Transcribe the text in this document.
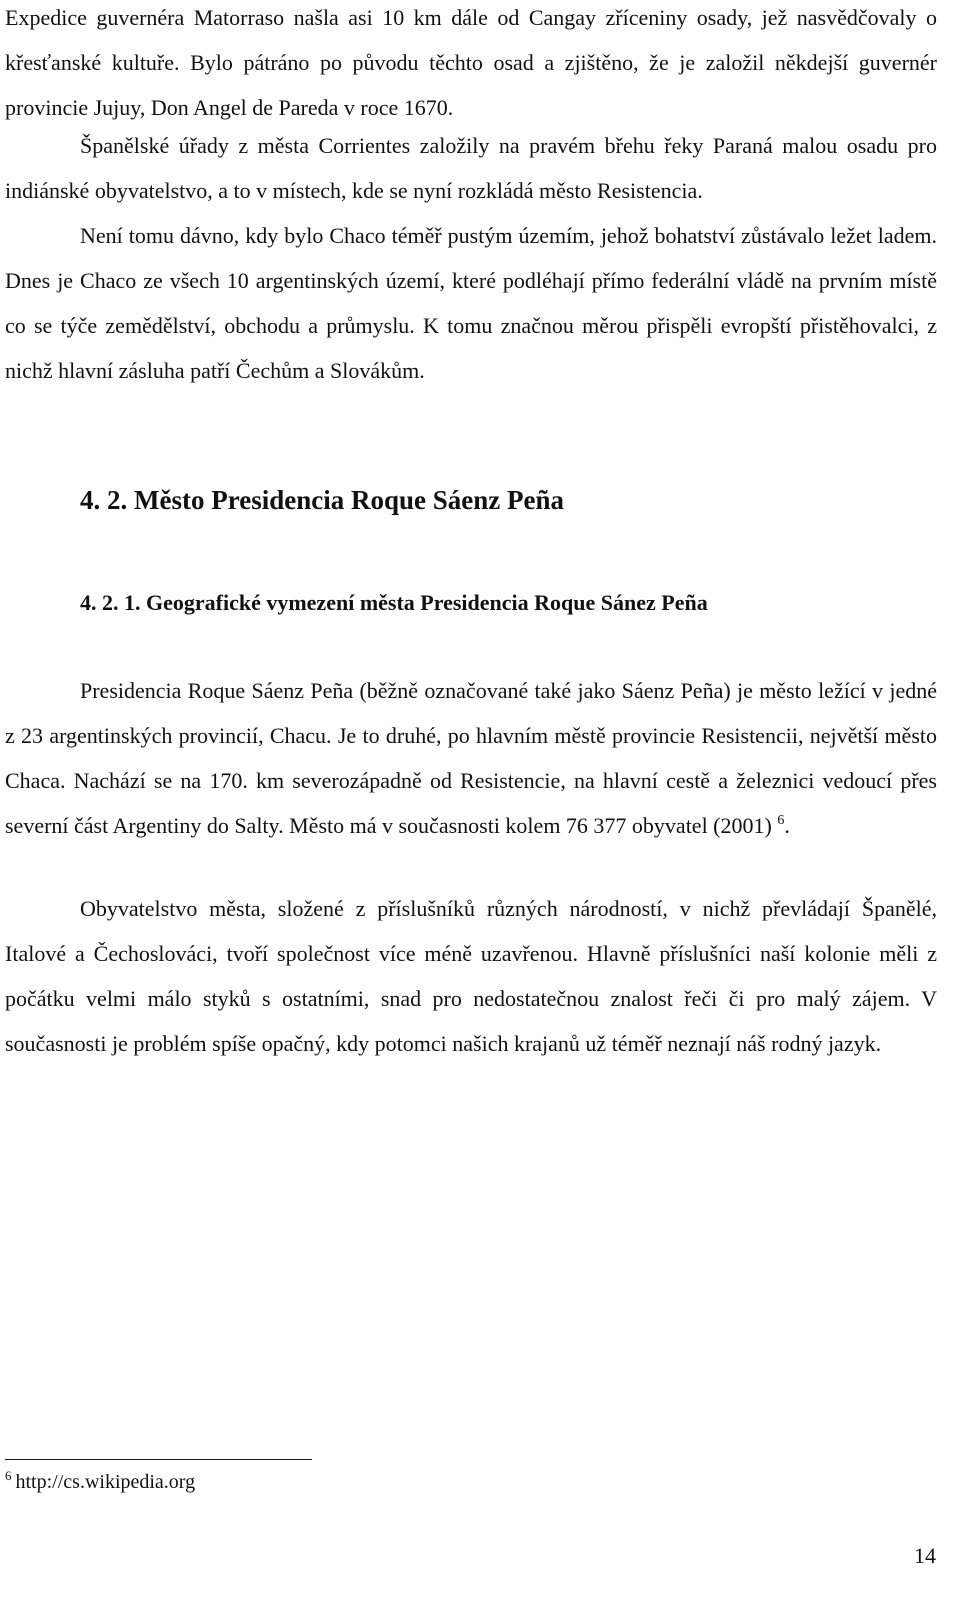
Expedice guvernéra Matorraso našla asi 10 km dále od Cangay zříceniny osady, jež nasvědčovaly o křesťanské kultuře. Bylo pátráno po původu těchto osad a zjištěno, že je založil někdejší guvernér provincie Jujuy, Don Angel de Pareda v roce 1670.

Španělské úřady z města Corrientes založily na pravém břehu řeky Paraná malou osadu pro indiánské obyvatelstvo, a to v místech, kde se nyní rozkládá město Resistencia.

Není tomu dávno, kdy bylo Chaco téměř pustým územím, jehož bohatství zůstávalo ležet ladem. Dnes je Chaco ze všech 10 argentinských území, které podléhají přímo federální vládě na prvním místě co se týče zemědělství, obchodu a průmyslu. K tomu značnou měrou přispěli evropští přistěhovalci, z nichž hlavní zásluha patří Čechům a Slovákům.

4. 2. Město Presidencia Roque Sáenz Peña
4. 2. 1. Geografické vymezení města Presidencia Roque Sánez Peña

Presidencia Roque Sáenz Peña (běžně označované také jako Sáenz Peña) je město ležící v jedné z 23 argentinských provincií, Chacu. Je to druhé, po hlavním městě provincie Resistencii, největší město Chaca. Nachází se na 170. km severozápadně od Resistencie, na hlavní cestě a železnici vedoucí přes severní část Argentiny do Salty. Město má v současnosti kolem 76 377 obyvatel (2001) $^6$.

Obyvatelstvo města, složené z příslušníků různých národností, v nichž převládají Španělé, Italové a Čechoslováci, tvoří společnost více méně uzavřenou. Hlavně příslušníci naší kolonie měli z počátku velmi málo styků s ostatními, snad pro nedostatečnou znalost řeči či pro malý zájem. V současnosti je problém spíše opačný, kdy potomci našich krajanů už téměř neznají náš rodný jazyk.

$^6$ http://cs.wikipedia.org
14
